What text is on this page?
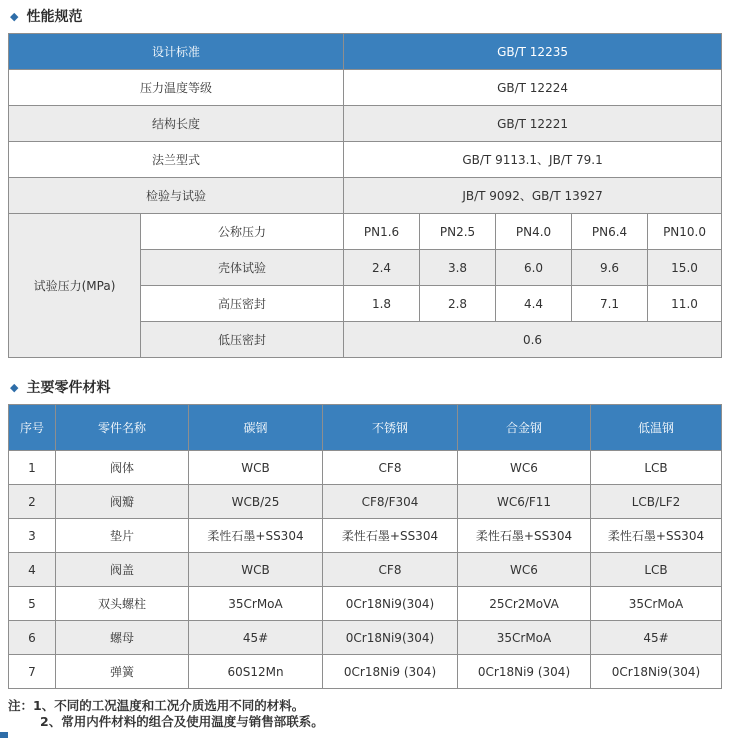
◆ 性能规范
设计标准		GB/T 12235				
压力温度等级		GB/T 12224				
结构长度		GB/T 12221				
法兰型式		GB/T 9113.1、JB/T 79.1				
检验与试验		JB/T 9092、GB/T 13927				
试验压力(MPa)	公称压力	PN1.6	PN2.5	PN4.0	PN6.4	PN10.0
	壳体试验	2.4	3.8	6.0	9.6	15.0
	高压密封	1.8	2.8	4.4	7.1	11.0
	低压密封	0.6				
◆ 主要零件材料
序号	零件名称	碳钢	不锈钢	合金钢	低温钢
1	阀体	WCB	CF8	WC6	LCB
2	阀瓣	WCB/25	CF8/F304	WC6/F11	LCB/LF2
3	垫片	柔性石墨+SS304	柔性石墨+SS304	柔性石墨+SS304	柔性石墨+SS304
4	阀盖	WCB	CF8	WC6	LCB
5	双头螺柱	35CrMoA	0Cr18Ni9(304)	25Cr2MoVA	35CrMoA
6	螺母	45#	0Cr18Ni9(304)	35CrMoA	45#
7	弹簧	60S12Mn	0Cr18Ni9 (304)	0Cr18Ni9 (304)	0Cr18Ni9(304)
注：1、不同的工况温度和工况介质选用不同的材料。
2、常用内件材料的组合及使用温度与销售部联系。
